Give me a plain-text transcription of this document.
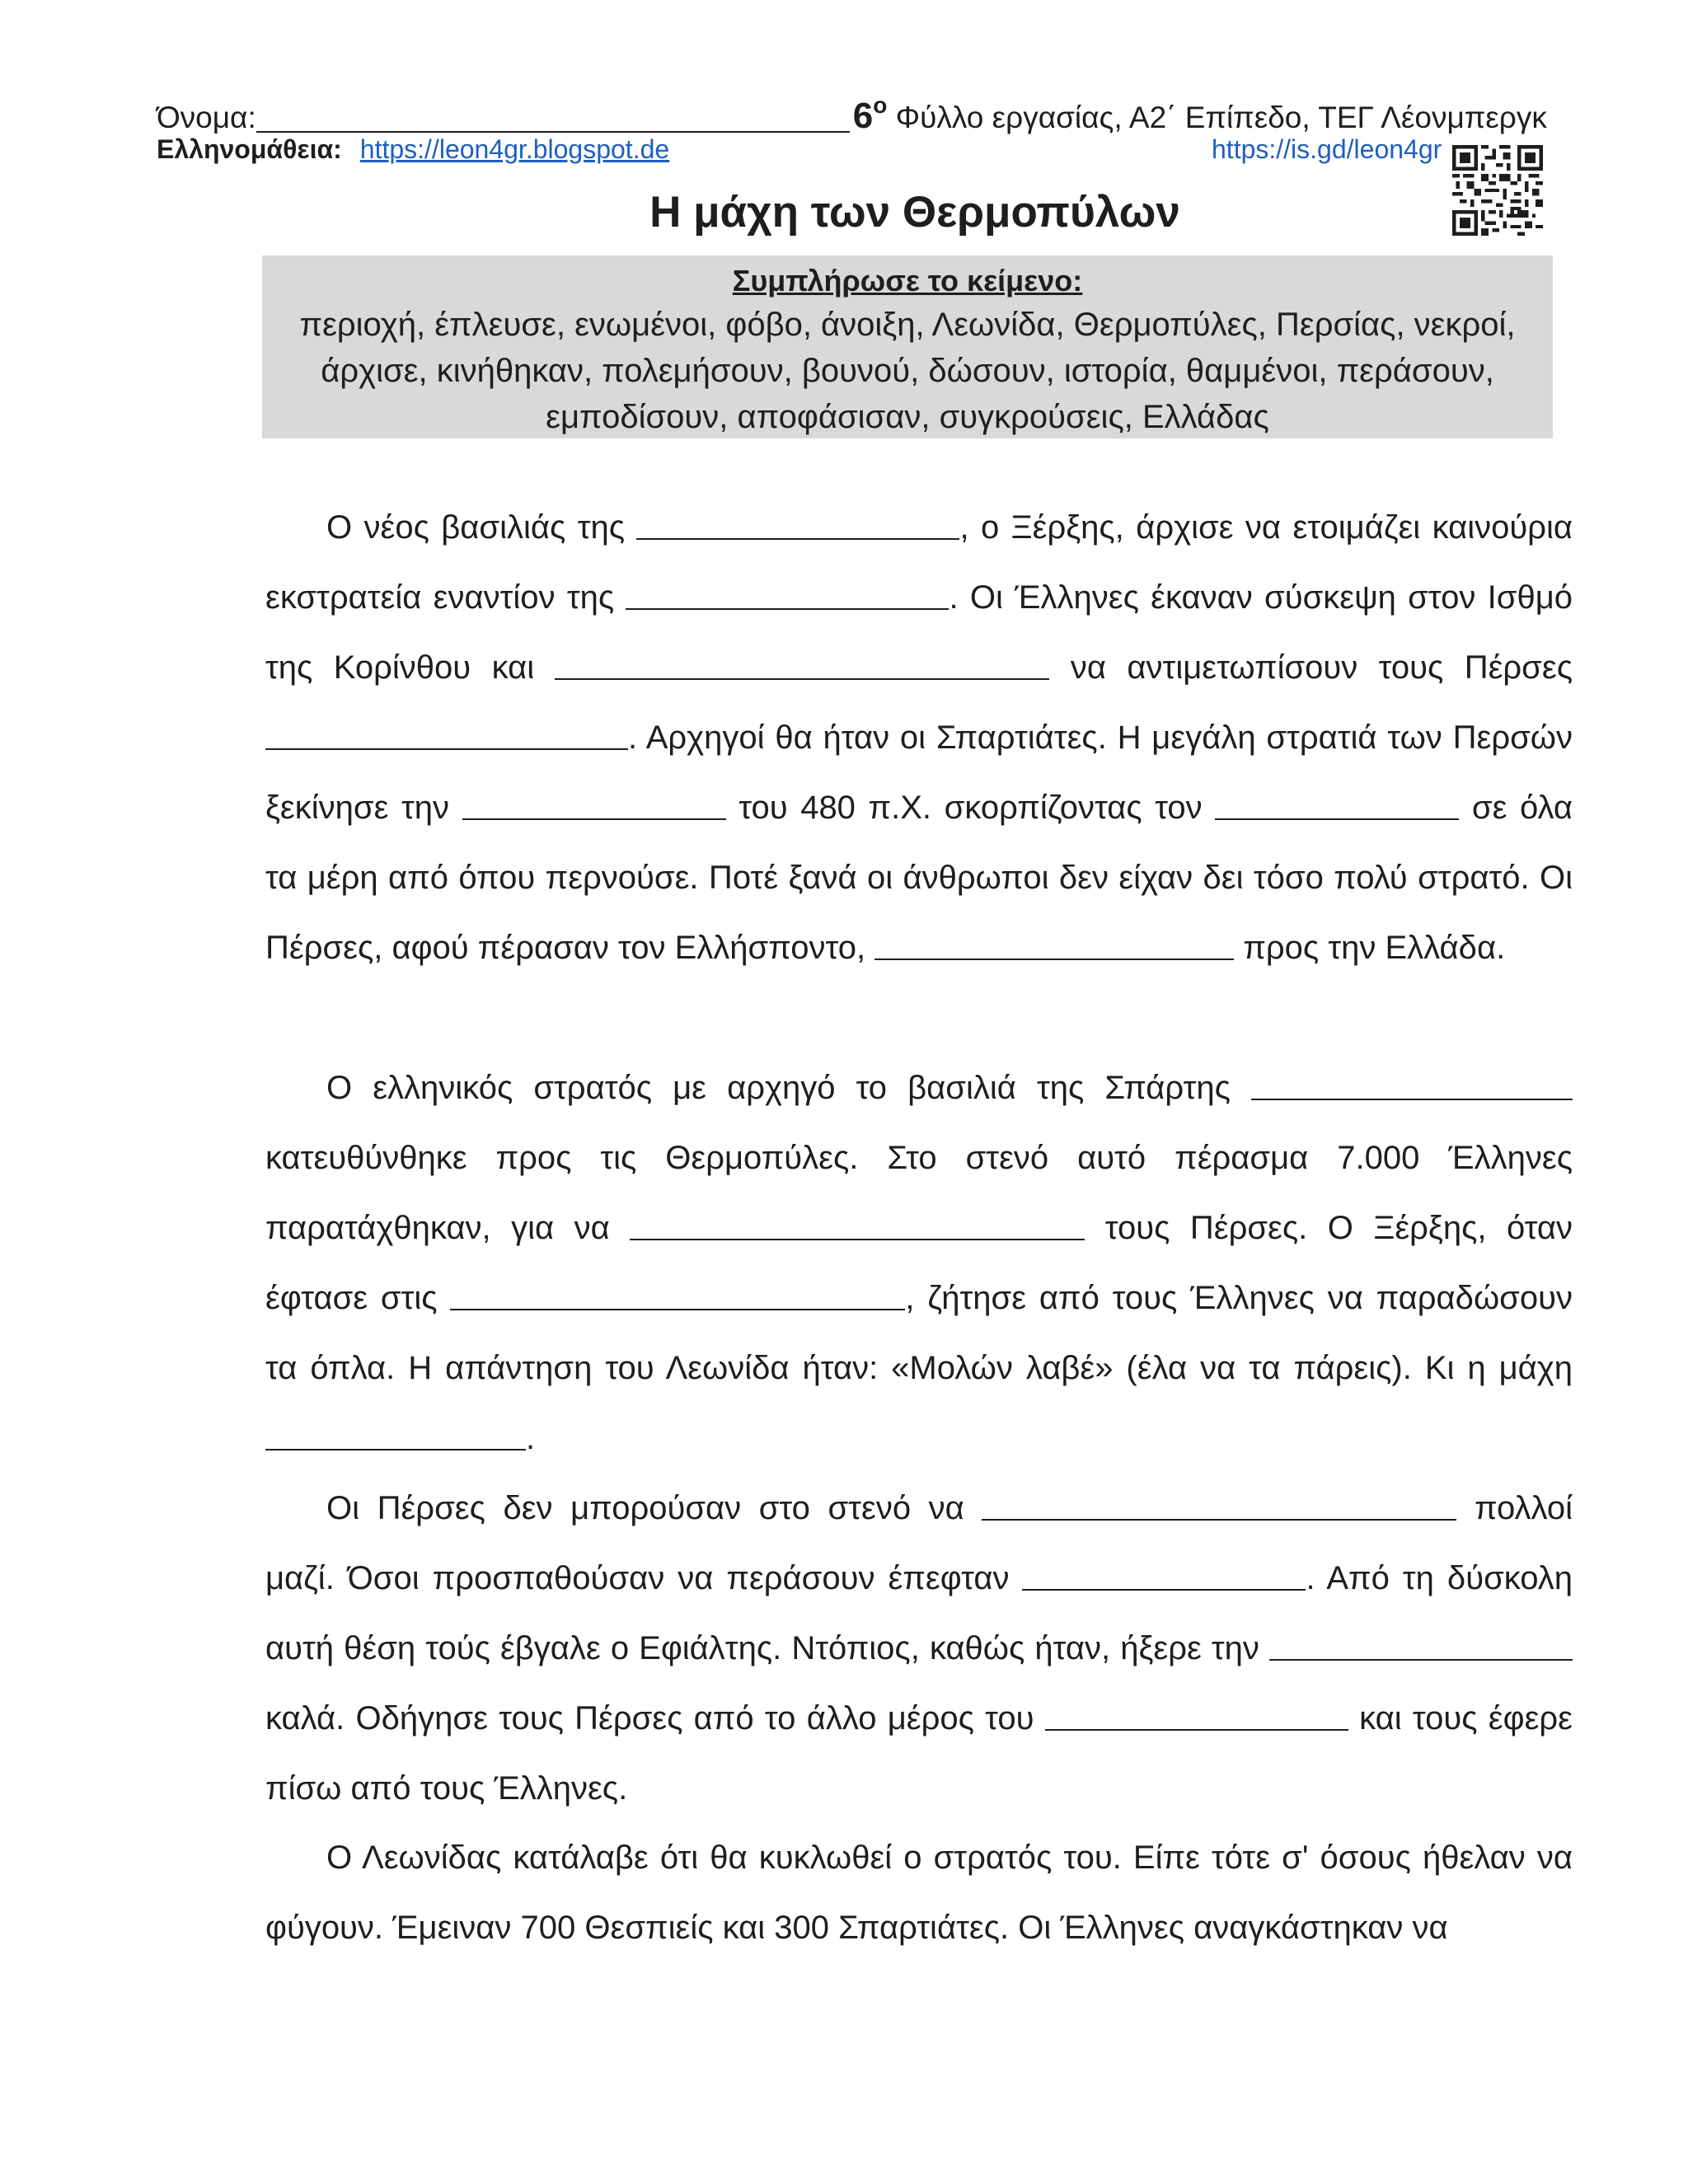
Όνομα:	$6^o$ Φύλλο εργασίας, Α2΄ Επίπεδο, ΤΕΓ Λέονμπεργκ
Ελληνομάθεια: https://leon4gr.blogspot.de	https://is.gd/leon4gr
Η μάχη των Θερμοπύλων
Συμπλήρωσε το κείμενο:
περιοχή, έπλευσε, ενωμένοι, φόβο, άνοιξη, Λεωνίδα, Θερμοπύλες, Περσίας, νεκροί, άρχισε, κινήθηκαν, πολεμήσουν, βουνού, δώσουν, ιστορία, θαμμένοι, περάσουν, εμποδίσουν, αποφάσισαν, συγκρούσεις, Ελλάδας
Ο νέος βασιλιάς της	, ο Ξέρξης, άρχισε να ετοιμάζει καινούρια εκστρατεία εναντίον της	. Οι Έλληνες έκαναν σύσκεψη στον Ισθμό της Κορίνθου και	να αντιμετωπίσουν τους Πέρσες . Αρχηγοί θα ήταν οι Σπαρτιάτες. Η μεγάλη στρατιά των Περσών ξεκίνησε την	του 480 π.Χ. σκορπίζοντας τον	σε όλα τα μέρη από όπου περνούσε. Ποτέ ξανά οι άνθρωποι δεν είχαν δει τόσο πολύ στρατό. Οι Πέρσες, αφού πέρασαν τον Ελλήσποντο,	προς την Ελλάδα.
Ο ελληνικός στρατός με αρχηγό το βασιλιά της Σπάρτης  κατευθύνθηκε προς τις Θερμοπύλες. Στο στενό αυτό πέρασμα 7.000 Έλληνες παρατάχθηκαν, για να	τους Πέρσες. Ο Ξέρξης, όταν έφτασε στις	, ζήτησε από τους Έλληνες να παραδώσουν τα όπλα. Η απάντηση του Λεωνίδα ήταν: «Μολών λαβέ» (έλα να τα πάρεις). Κι η μάχη .
Οι Πέρσες δεν μπορούσαν στο στενό να	πολλοί μαζί. Όσοι προσπαθούσαν να περάσουν έπεφταν	. Από τη δύσκολη αυτή θέση τούς έβγαλε ο Εφιάλτης. Ντόπιος, καθώς ήταν, ήξερε την  καλά. Οδήγησε τους Πέρσες από το άλλο μέρος του	και τους έφερε πίσω από τους Έλληνες.
Ο Λεωνίδας κατάλαβε ότι θα κυκλωθεί ο στρατός του. Είπε τότε σ' όσους ήθελαν να φύγουν. Έμειναν 700 Θεσπιείς και 300 Σπαρτιάτες. Οι Έλληνες αναγκάστηκαν να
